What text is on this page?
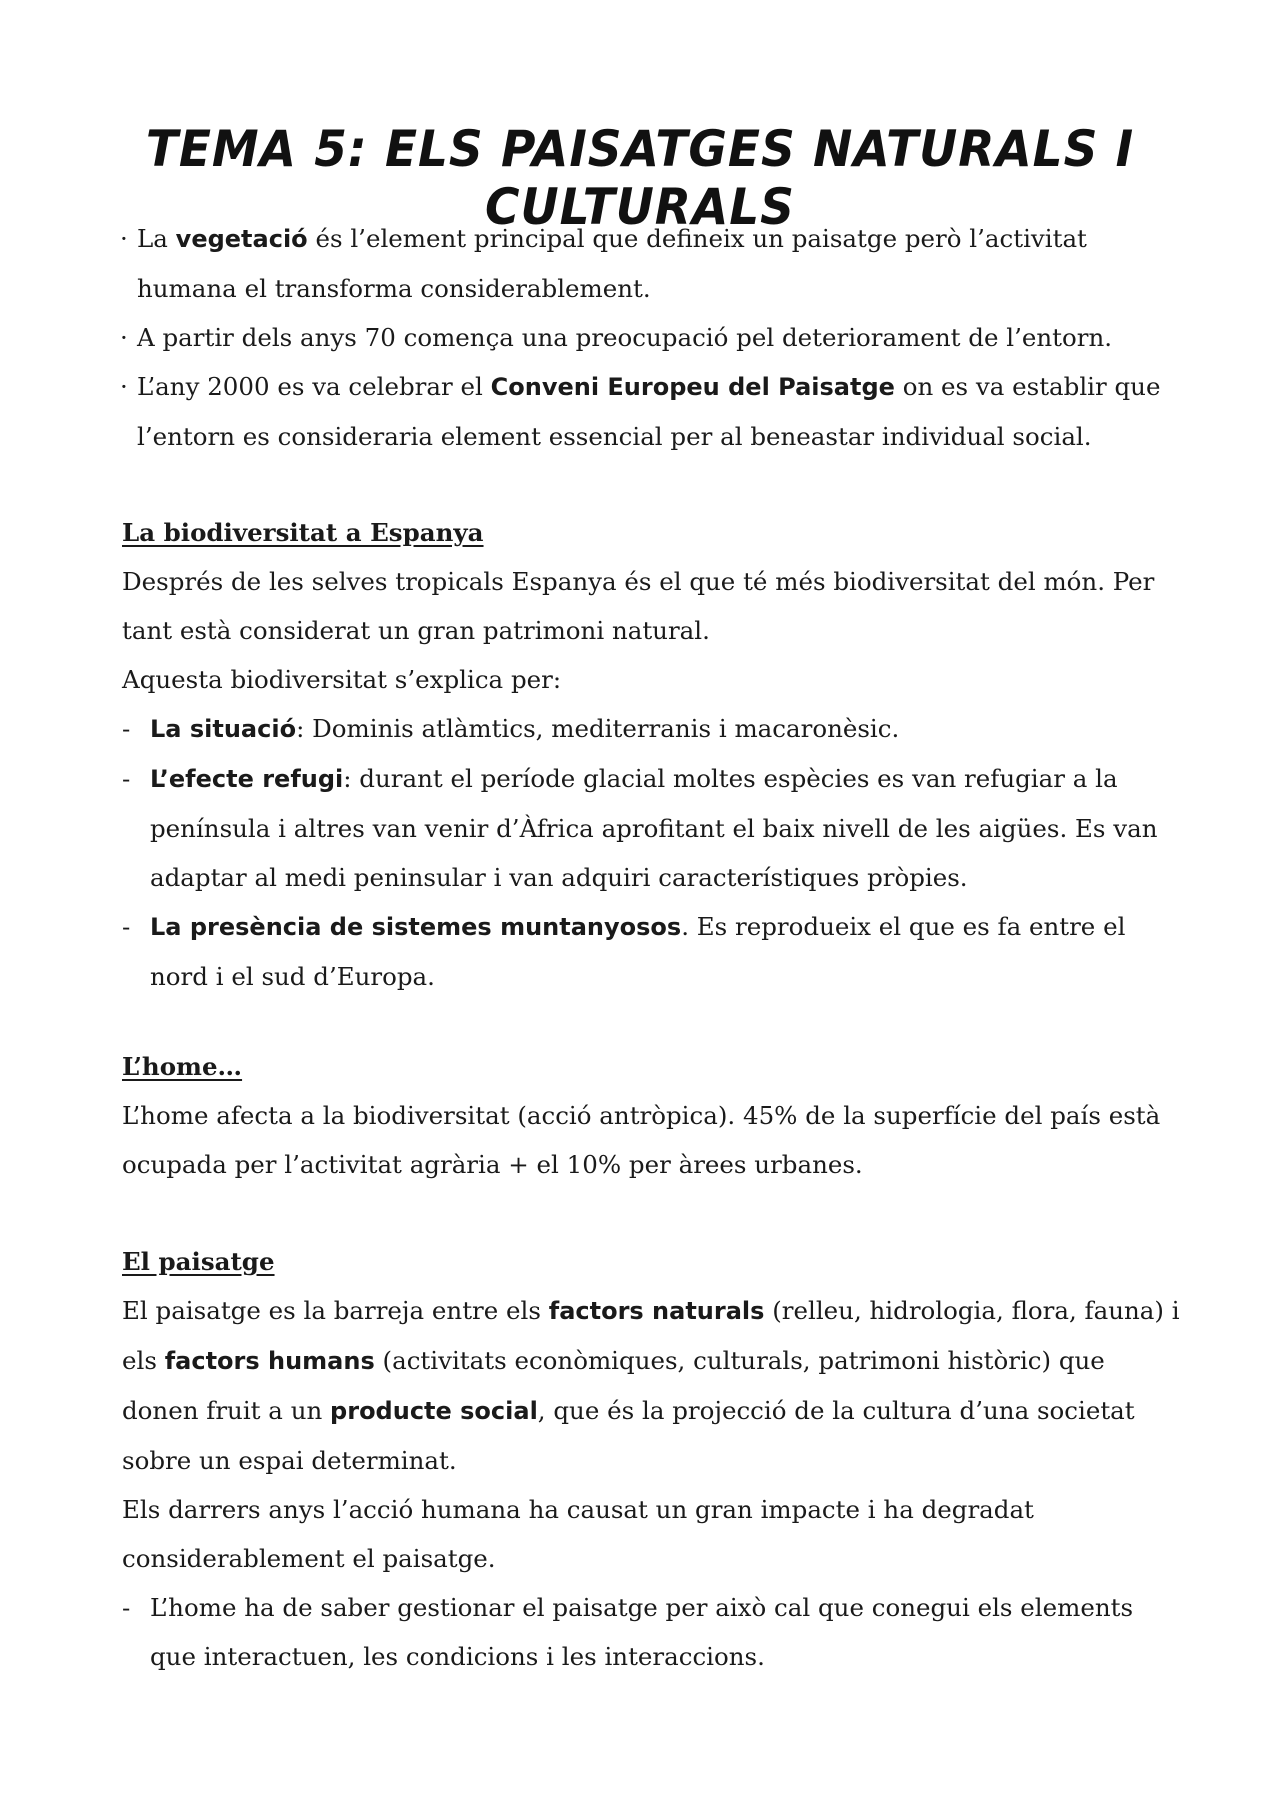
TEMA 5: ELS PAISATGES NATURALS I CULTURALS
· La vegetació és l’element principal que defineix un paisatge però l’activitat humana el transforma considerablement.
· A partir dels anys 70 comença una preocupació pel deteriorament de l’entorn.
· L’any 2000 es va celebrar el Conveni Europeu del Paisatge on es va establir que l’entorn es consideraria element essencial per al beneastar individual social.
La biodiversitat a Espanya

Després de les selves tropicals Espanya és el que té més biodiversitat del món. Per tant està considerat un gran patrimoni natural.

Aquesta biodiversitat s’explica per:

- La situació: Dominis atlàmtics, mediterranis i macaronèsic.
- L’efecte refugi: durant el període glacial moltes espècies es van refugiar a la península i altres van venir d’Àfrica aprofitant el baix nivell de les aigües. Es van adaptar al medi peninsular i van adquiri característiques pròpies.
- La presència de sistemes muntanyosos. Es reprodueix el que es fa entre el nord i el sud d’Europa.
L’home…

L’home afecta a la biodiversitat (acció antròpica). 45% de la superfície del país està ocupada per l’activitat agrària + el 10% per àrees urbanes.

El paisatge

El paisatge es la barreja entre els factors naturals (relleu, hidrologia, flora, fauna) i els factors humans (activitats econòmiques, culturals, patrimoni històric) que donen fruit a un producte social, que és la projecció de la cultura d’una societat sobre un espai determinat.

Els darrers anys l’acció humana ha causat un gran impacte i ha degradat considerablement el paisatge.

- L’home ha de saber gestionar el paisatge per això cal que conegui els elements que interactuen, les condicions i les interaccions.
